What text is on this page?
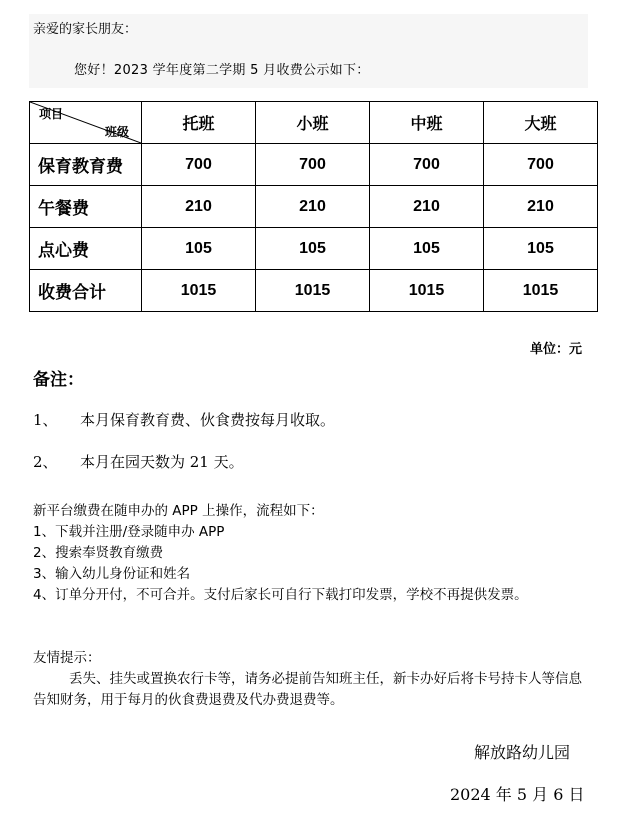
亲爱的家长朋友：
您好！2023 学年度第二学期 5 月收费公示如下：
项目
班级	托班	小班	中班	大班
保育教育费	700	700	700	700
午餐费	210	210	210	210
点心费	105	105	105	105
收费合计	1015	1015	1015	1015
单位：元
备注：
1、 本月保育教育费、伙食费按每月收取。
2、 本月在园天数为 21 天。
新平台缴费在随申办的 APP 上操作，流程如下：
1、下载并注册/登录随申办 APP
2、搜索奉贤教育缴费
3、输入幼儿身份证和姓名
4、订单分开付，不可合并。支付后家长可自行下载打印发票，学校不再提供发票。
友情提示：
丢失、挂失或置换农行卡等，请务必提前告知班主任，新卡办好后将卡号持卡人等信息告知财务，用于每月的伙食费退费及代办费退费等。
解放路幼儿园
2024 年 5 月 6 日
